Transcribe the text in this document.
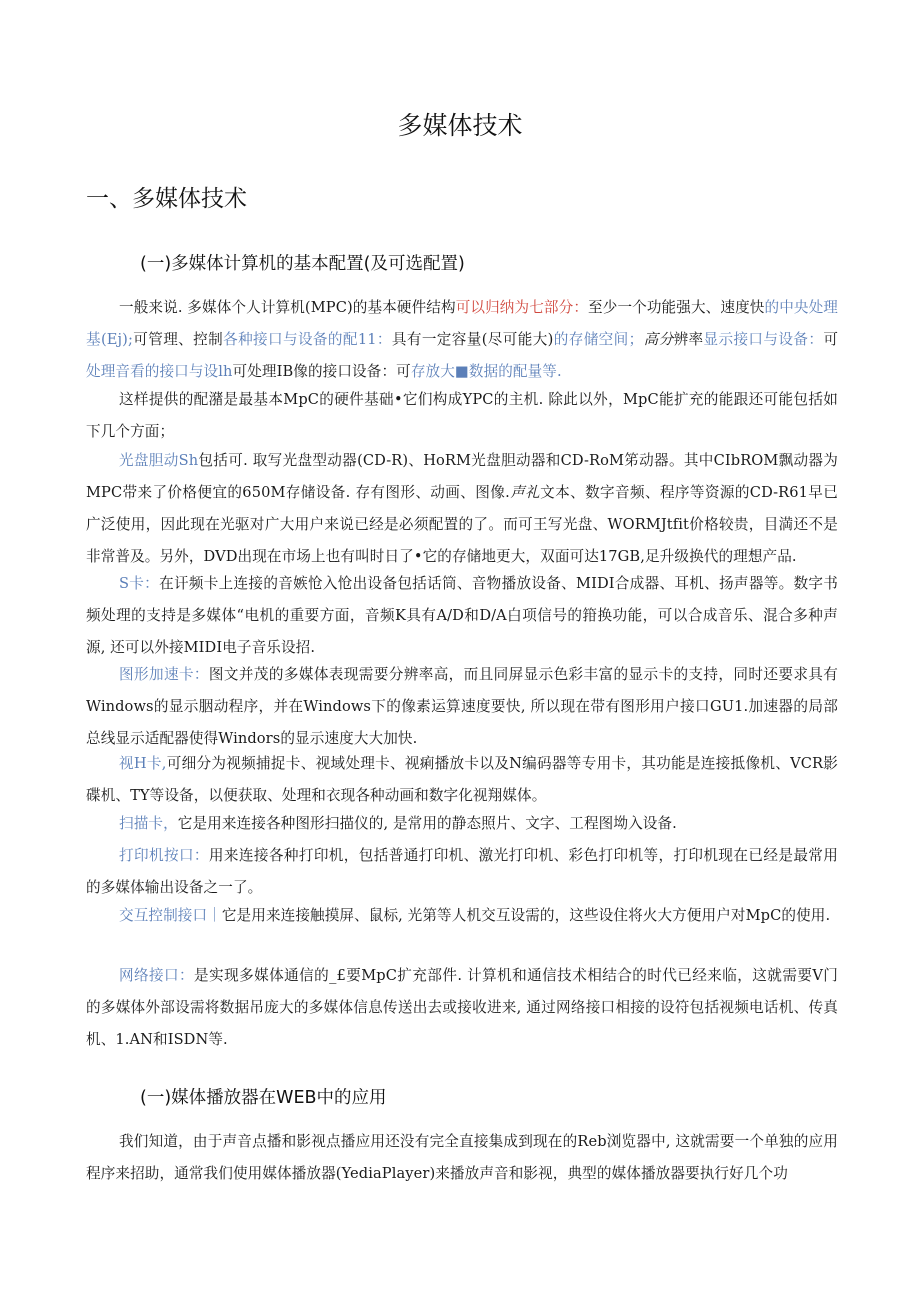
多媒体技术
一、多媒体技术
(一)多媒体计算机的基本配置(及可选配置)

一般来说. 多媒体个人计算机(MPC)的基本硬件结构可以归纳为七部分：至少一个功能强大、速度快的中央处理基(Ej);可管理、控制各种接口与设备的配11：具有一定容量(尽可能大)的存储空间；高分辨率显示接口与设备：可处理音看的接口与设lh可处理IB像的接口设备：可存放大■数据的配量等.

这样提供的配潴是最基本MpC的硬件基础•它们构成YPC的主机. 除此以外，MpC能扩充的能跟还可能包括如下几个方面；

光盘胆动Sh包括可. 取写光盘型动器(CD-R)、HoRM光盘胆动器和CD-RoM笫动器。其中CIbROM飘动器为MPC带来了价格便宜的650M存储设备. 存有图形、动画、图像.声礼文本、数字音频、程序等资源的CD-R61早已广泛使用，因此现在光驱对广大用户来说已经是必须配置的了。而可王写光盘、WORMJtfit价格较贵，目満还不是非常普及。另外，DVD出现在市场上也有叫时日了•它的存储地更大，双面可达17GB,足升级换代的理想产品.

S卡：在讦频卡上连接的音嫉怆入怆出设备包括话筒、音物播放设备、MIDI合成器、耳机、扬声器等。数字书频处理的支持是多媒体“电机的重要方面，音频K具有A/D和D/A白项信号的箝换功能，可以合成音乐、混合多种声源, 还可以外接MIDI电子音乐设招.

图形加速卡：图文并茂的多媒体表现需要分辨率高，而且同屏显示色彩丰富的显示卡的支持，同时还要求具有Windows的显示胭动程序，并在Windows下的像素运算速度要快, 所以现在带有图形用户接口GU1.加速器的局部总线显示适配器使得Windors的显示速度大大加快.

视H卡,可细分为视频捕捉卡、视域处理卡、视痢播放卡以及N编码器等专用卡，其功能是连接抵像机、VCR影碟机、TY等设备，以便获取、处理和衣现各种动画和数字化视翔媒体。

扫描卡，它是用来连接各种图形扫描仪的, 是常用的静态照片、文字、工程图坳入设备.

打印机按口：用来连接各种打印机，包括普通打印机、激光打印机、彩色打印机等，打印机现在已经是最常用的多媒体输出设备之一了。

交互控制接口｜它是用来连接触摸屏、鼠标, 光第等人机交互设需的，这些设住将火大方便用户对MpC的使用.

网络接口：是实现多媒体通信的_£要MpC扩充部件. 计算机和通信技术相结合的时代已经来临，这就需要V门的多媒体外部设需将数据吊庞大的多媒体信息传送出去或接收进来, 通过网络接口相接的设符包括视频电话机、传真机、1.AN和ISDN等.

(一)媒体播放器在WEB中的应用

我们知道，由于声音点播和影视点播应用还没有完全直接集成到现在的Reb浏览器中, 这就需要一个单独的应用程序来招助，通常我们使用媒体播放器(YediaPlayer)来播放声音和影视，典型的媒体播放器要执行好几个功
